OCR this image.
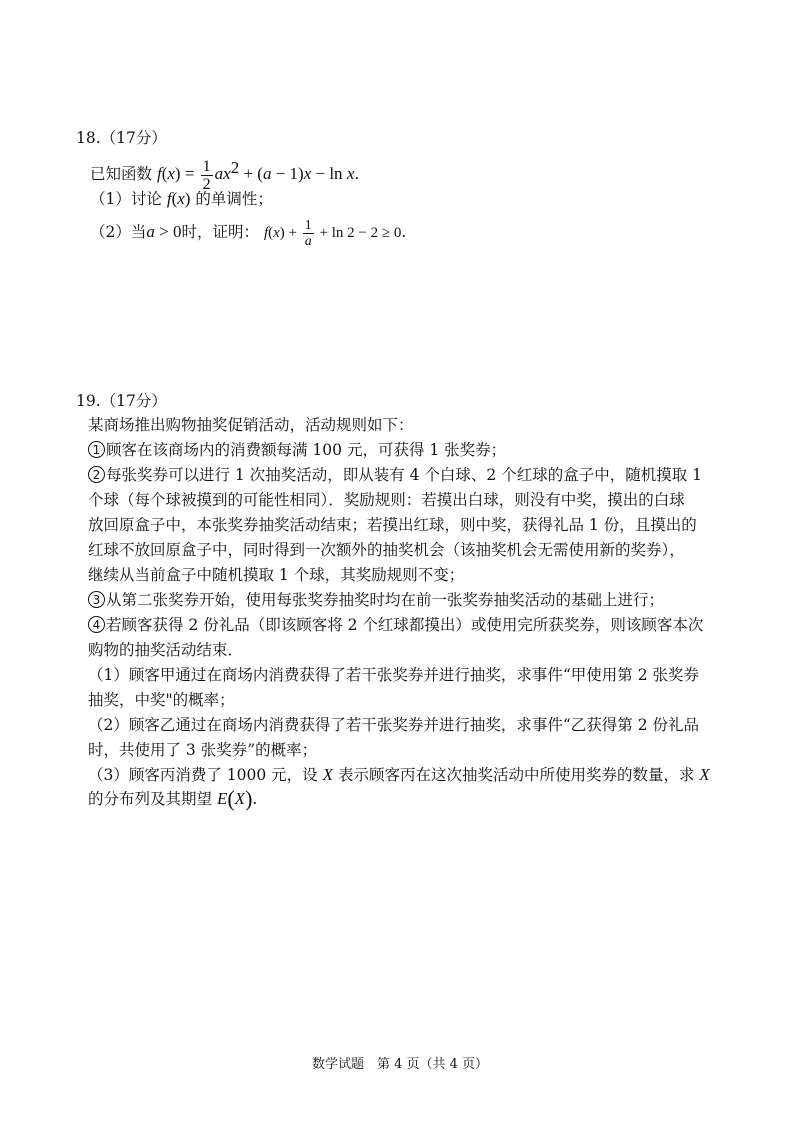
18.（17分）
已知函数 $f(x) = \frac{1}{2} ax^2 + (a - 1)x - \ln x$.
（1）讨论 f(x) 的单调性；
（2）当a > 0时，证明： $f(x) + \frac{1}{a} + \ln 2 - 2 \ge 0$.
19.（17分）
某商场推出购物抽奖促销活动，活动规则如下：
1 顾客在该商场内的消费额每满 100 元，可获得 1 张奖券；
2 每张奖券可以进行 1 次抽奖活动，即从装有 4 个白球、2 个红球的盒子中，随机摸取 1
个球（每个球被摸到的可能性相同）．奖励规则：若摸出白球，则没有中奖，摸出的白球
放回原盒子中，本张奖券抽奖活动结束；若摸出红球，则中奖，获得礼品 1 份，且摸出的
红球不放回原盒子中，同时得到一次额外的抽奖机会（该抽奖机会无需使用新的奖券），
继续从当前盒子中随机摸取 1 个球，其奖励规则不变；
3 从第二张奖券开始，使用每张奖券抽奖时均在前一张奖券抽奖活动的基础上进行；
4 若顾客获得 2 份礼品（即该顾客将 2 个红球都摸出）或使用完所获奖券，则该顾客本次
购物的抽奖活动结束．
（1）顾客甲通过在商场内消费获得了若干张奖券并进行抽奖，求事件“甲使用第 2 张奖券
抽奖，中奖"的概率；
（2）顾客乙通过在商场内消费获得了若干张奖券并进行抽奖，求事件“乙获得第 2 份礼品
时，共使用了 3 张奖券”的概率；
（3）顾客丙消费了 1000 元，设 X 表示顾客丙在这次抽奖活动中所使用奖券的数量，求 X
的分布列及其期望 E(X).
数学试题　第 4 页（共 4 页）
